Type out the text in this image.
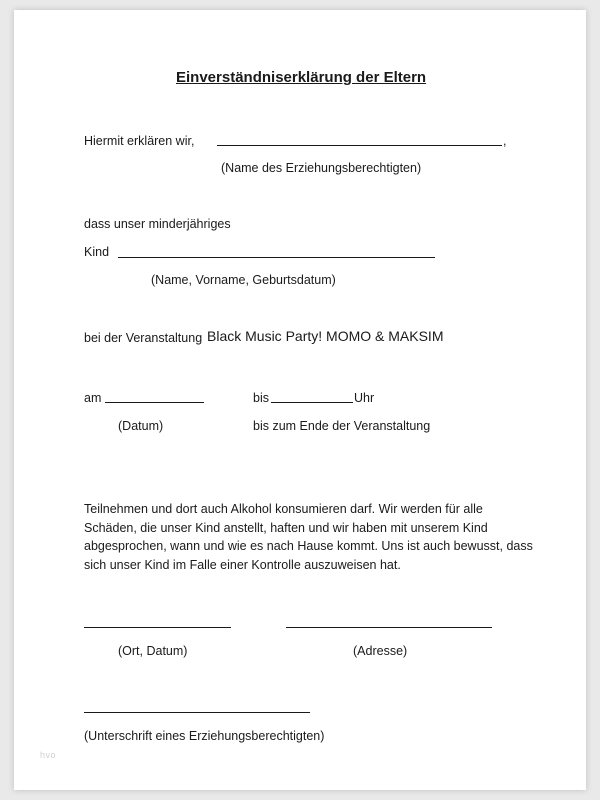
Einverständniserklärung der Eltern
Hiermit erklären wir,	,
(Name des Erziehungsberechtigten)
dass unser minderjähriges
Kind
(Name, Vorname, Geburtsdatum)
bei der Veranstaltung Black Music Party! MOMO & MAKSIM
am	bis	Uhr
(Datum)	bis zum Ende der Veranstaltung
Teilnehmen und dort auch Alkohol konsumieren darf. Wir werden für alle Schäden, die unser Kind anstellt, haften und wir haben mit unserem Kind abgesprochen, wann und wie es nach Hause kommt. Uns ist auch bewusst, dass sich unser Kind im Falle einer Kontrolle auszuweisen hat.
(Ort, Datum)	(Adresse)
(Unterschrift eines Erziehungsberechtigten)
hvo
